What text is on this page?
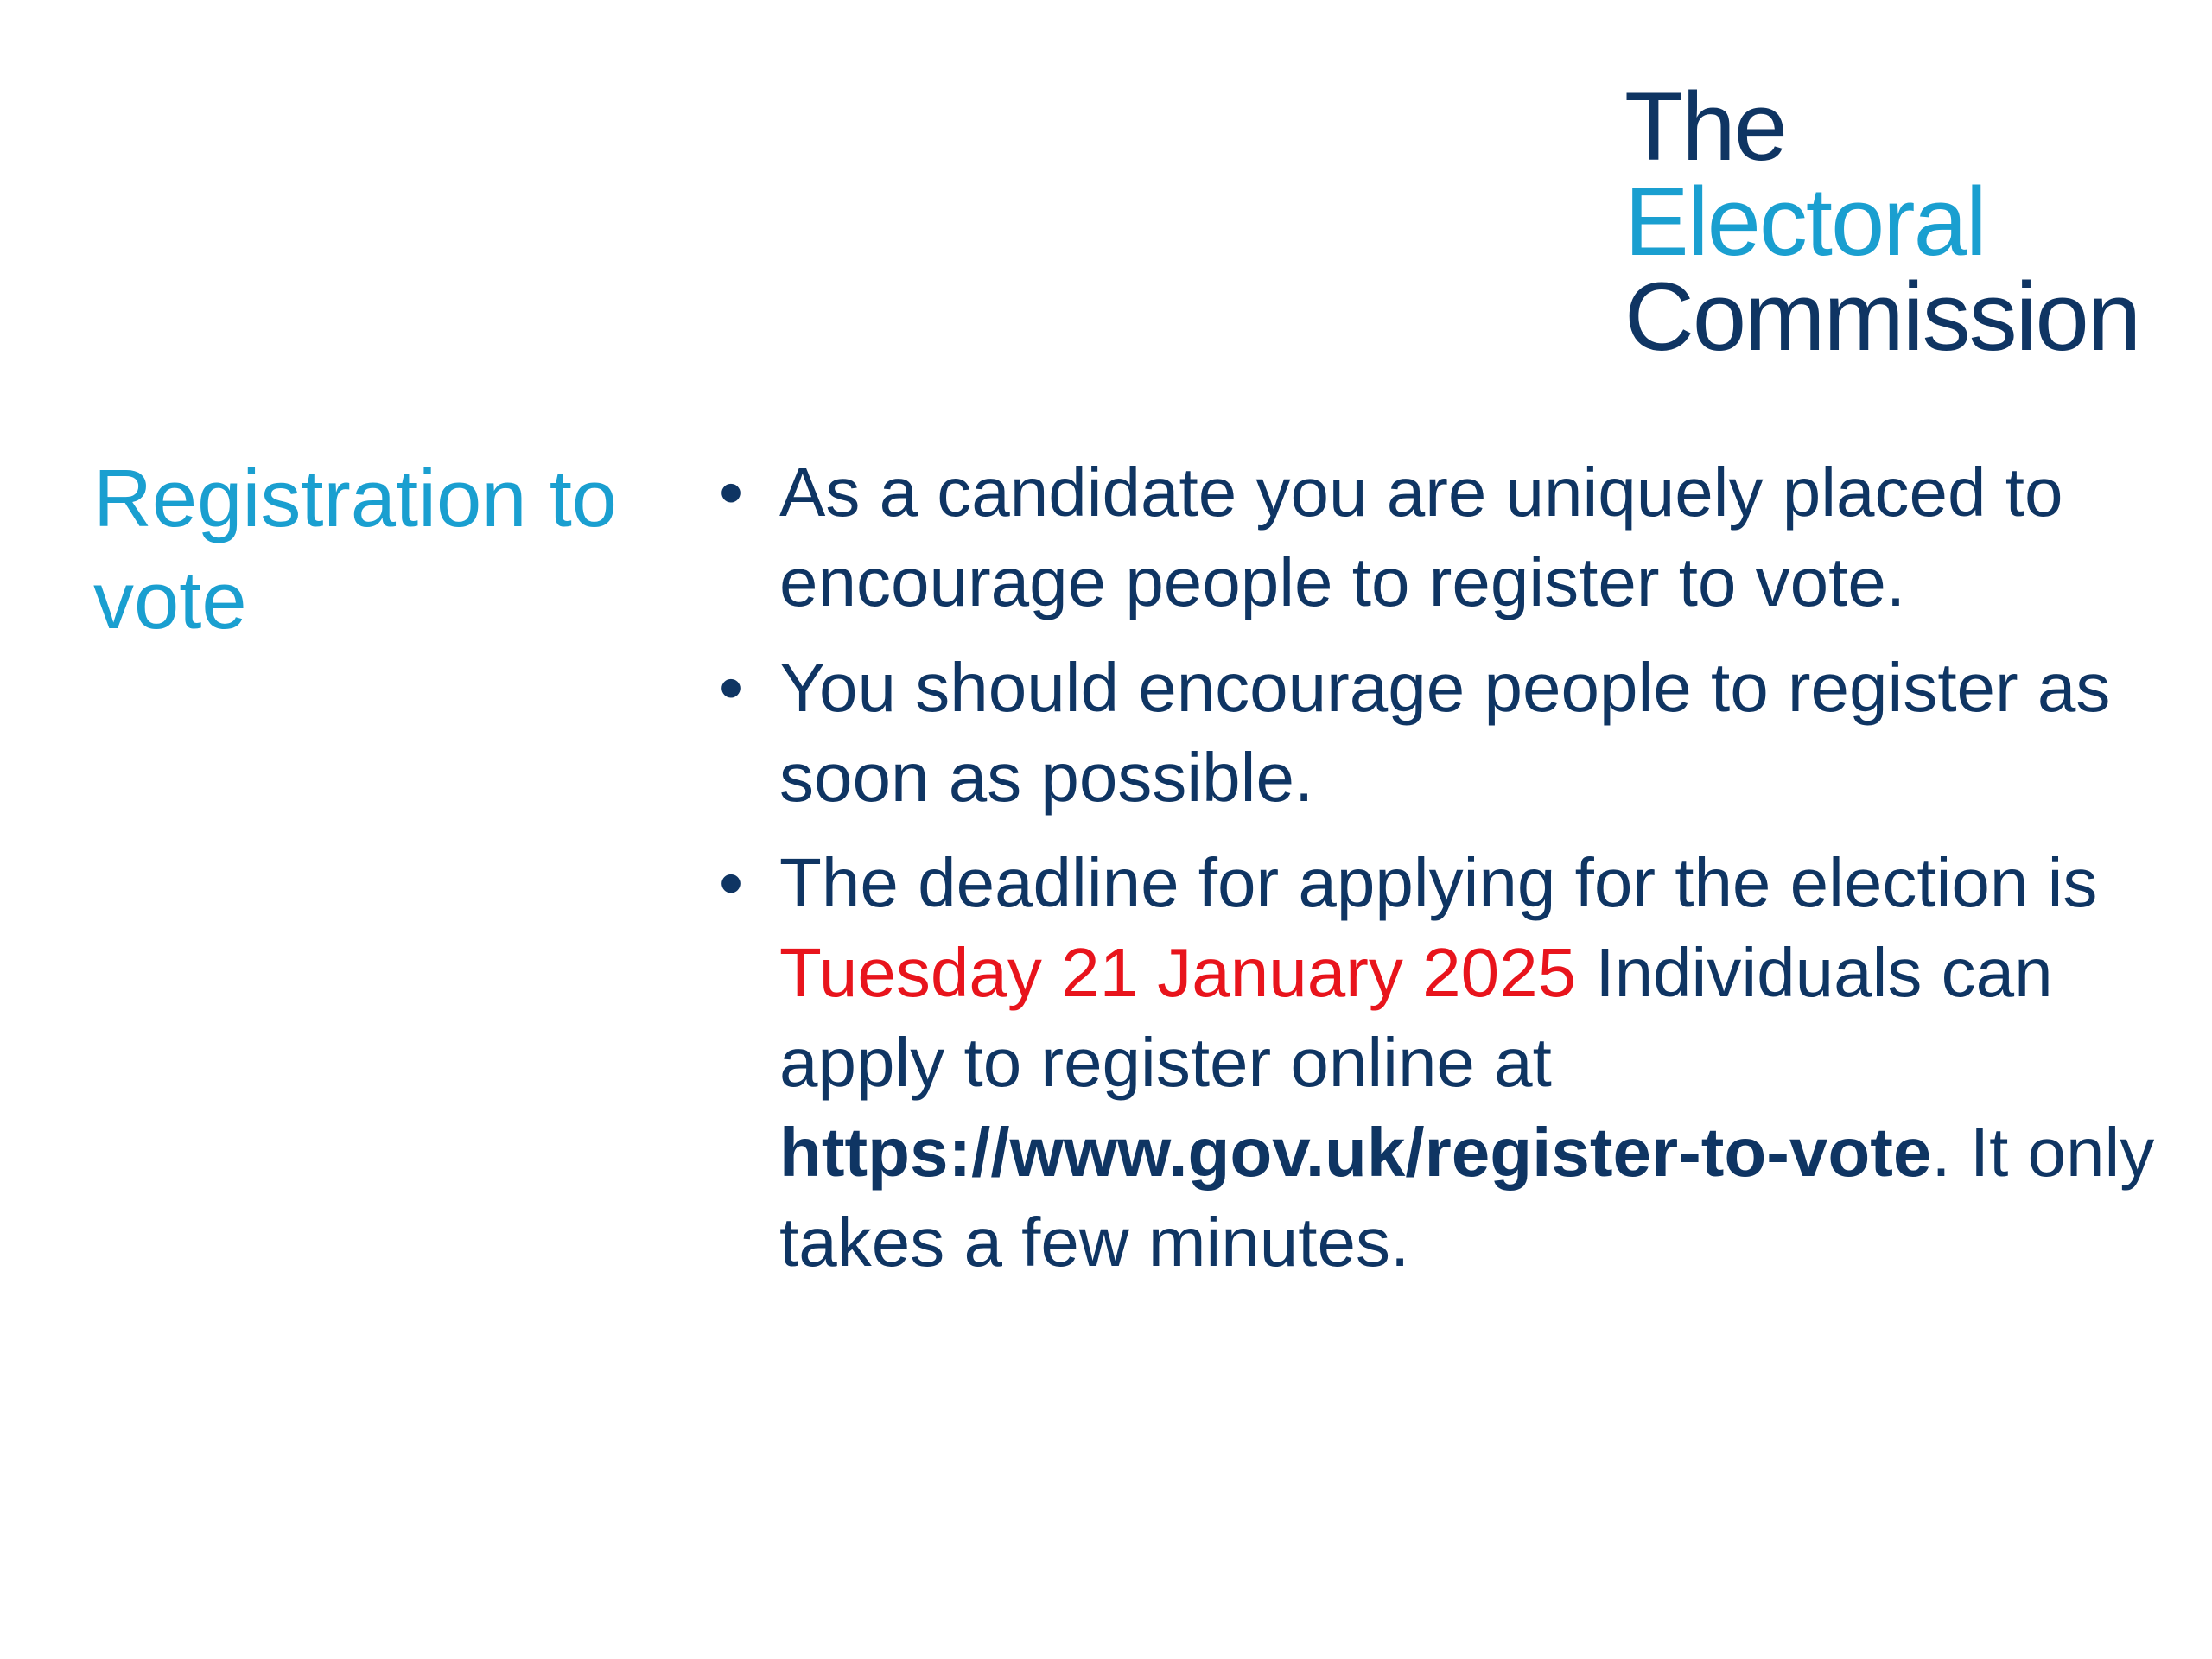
The
Electoral
Commission
Registration to vote
• As a candidate you are uniquely placed to encourage people to register to vote.
• You should encourage people to register as soon as possible.
• The deadline for applying for the election is Tuesday 21 January 2025 Individuals can apply to register online at https://www.gov.uk/register-to-vote. It only takes a few minutes.
